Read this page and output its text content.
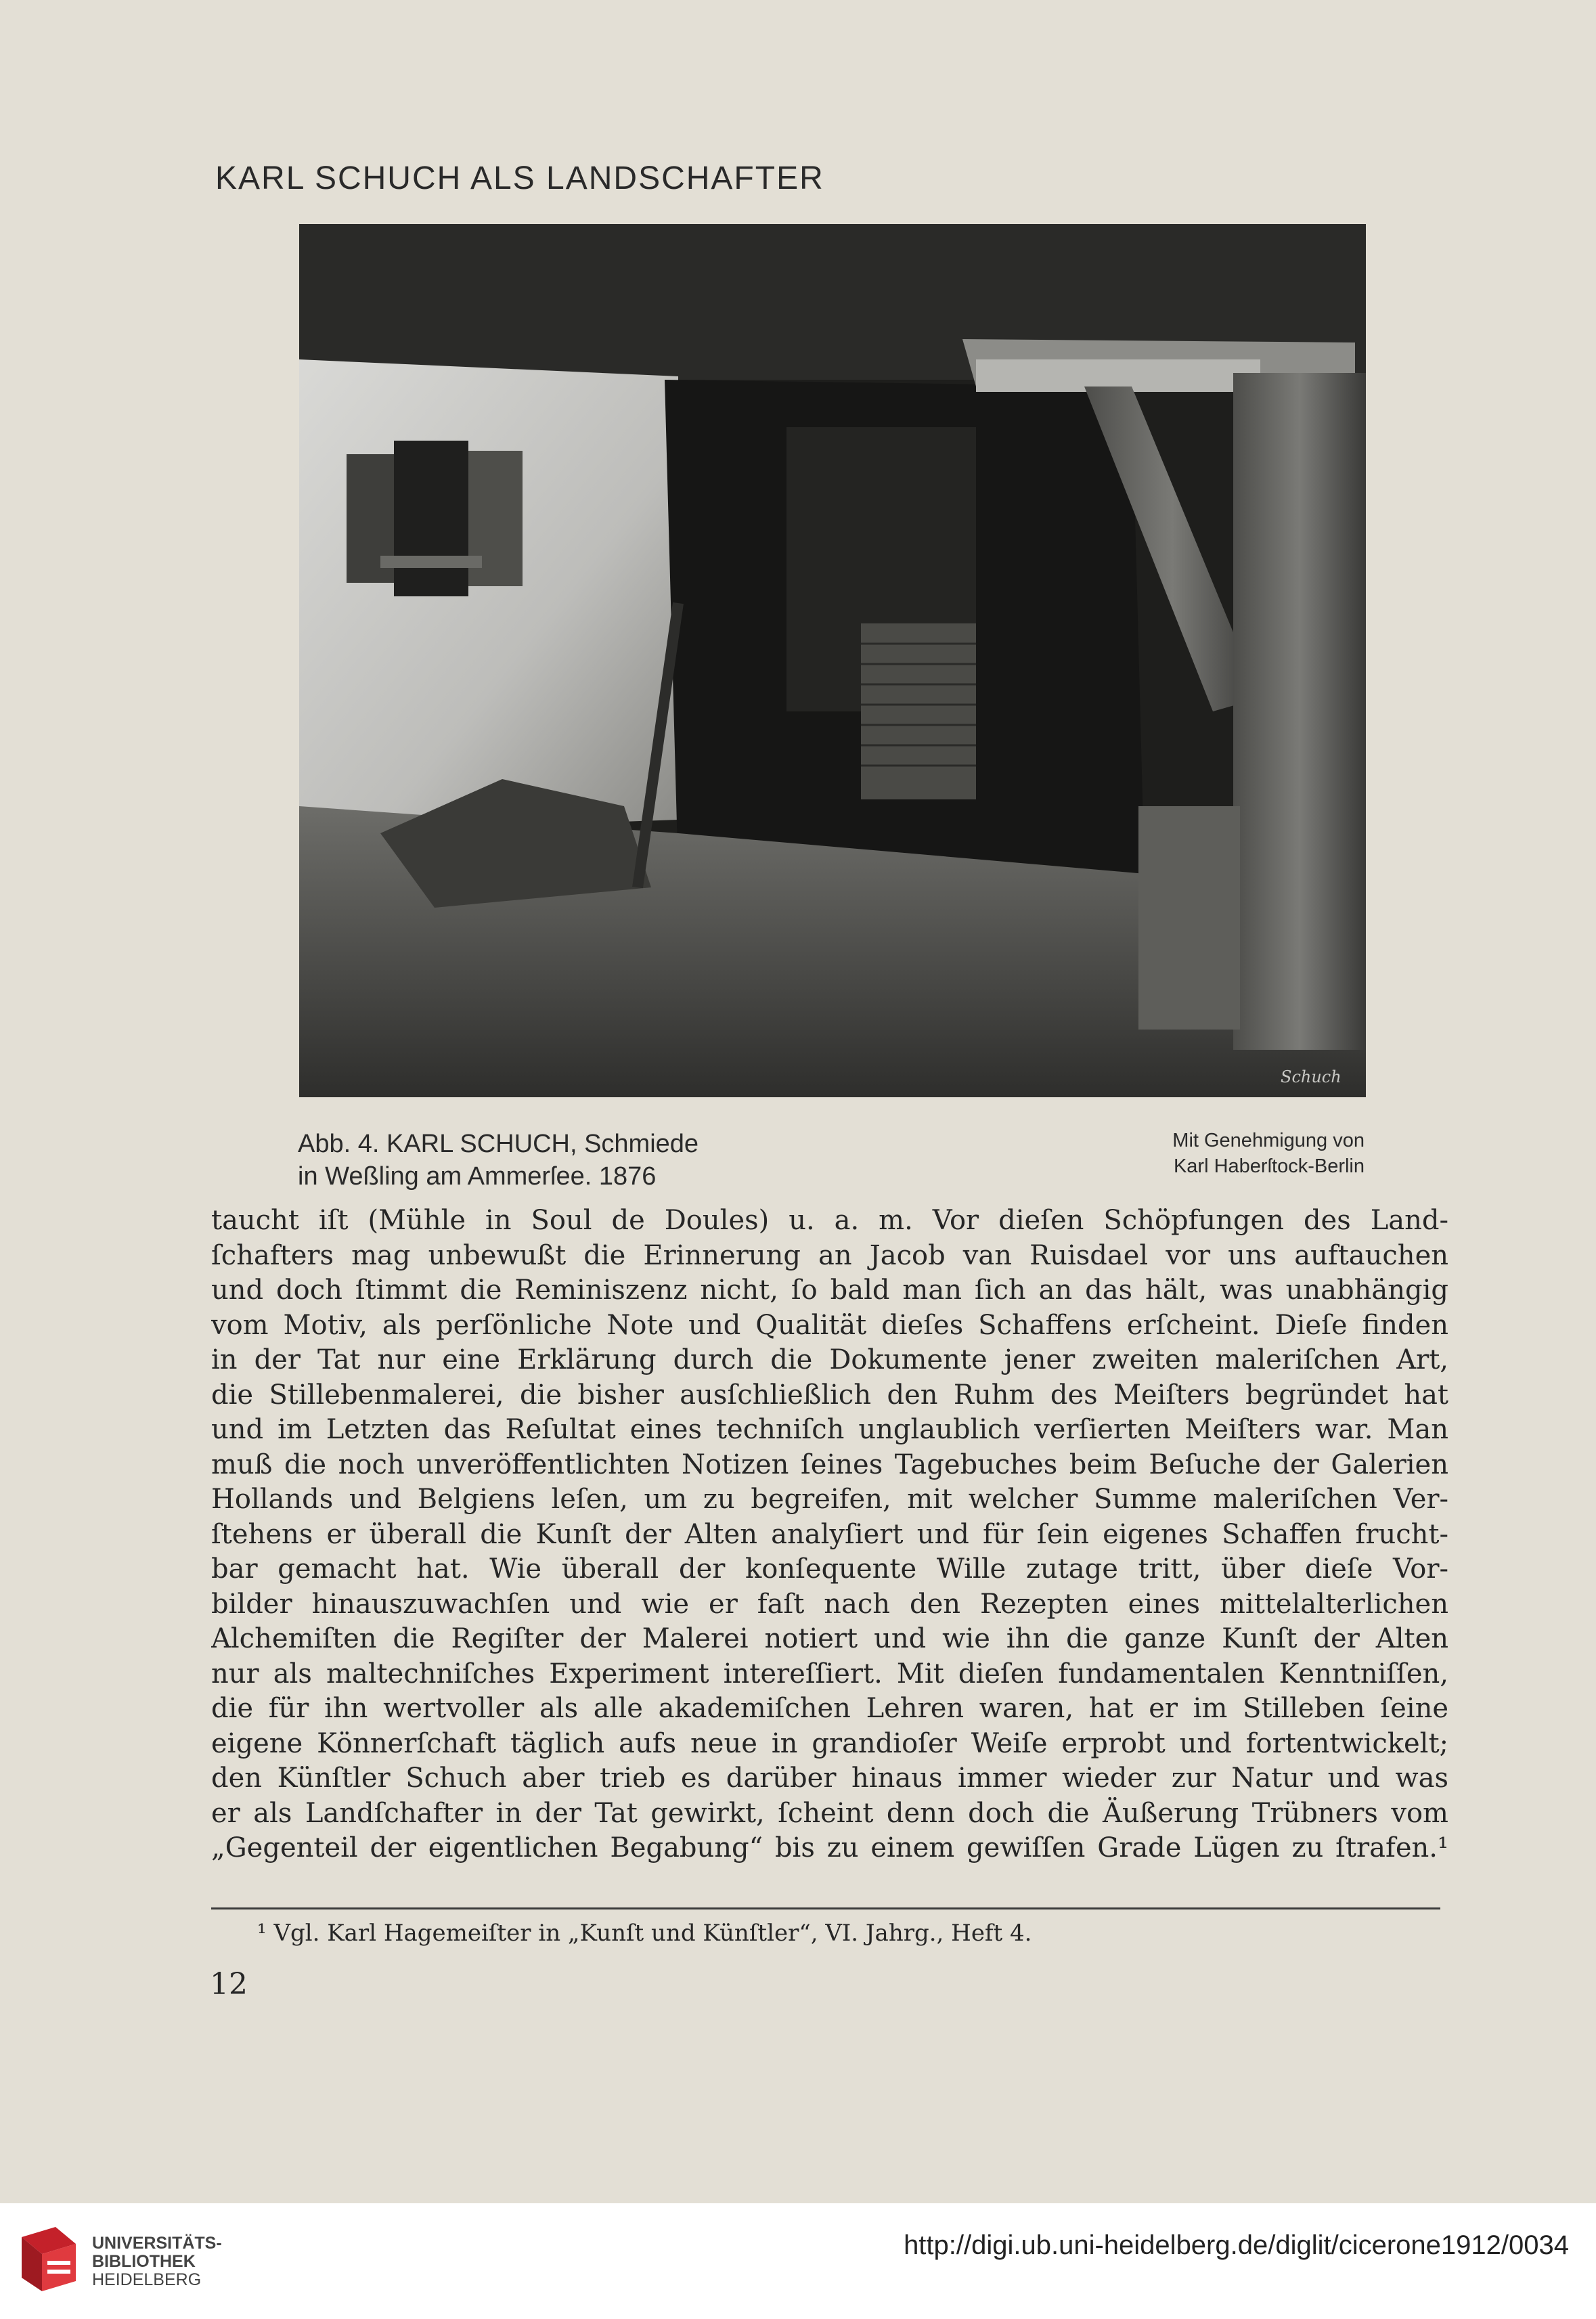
KARL SCHUCH ALS LANDSCHAFTER
Schuch
Abb. 4. KARL SCHUCH, Schmiede
in Weßling am Ammerſee. 1876
Mit Genehmigung von
Karl Haberſtock-Berlin
taucht iſt (Mühle in Soul de Doules) u. a. m. Vor dieſen Schöpfungen des Land-
ſchafters mag unbewußt die Erinnerung an Jacob van Ruisdael vor uns auftauchen
und doch ſtimmt die Reminiszenz nicht, ſo bald man ſich an das hält, was unabhängig
vom Motiv, als perſönliche Note und Qualität dieſes Schaffens erſcheint. Dieſe finden
in der Tat nur eine Erklärung durch die Dokumente jener zweiten maleriſchen Art,
die Stillebenmalerei, die bisher ausſchließlich den Ruhm des Meiſters begründet hat
und im Letzten das Reſultat eines techniſch unglaublich verſierten Meiſters war. Man
muß die noch unveröffentlichten Notizen ſeines Tagebuches beim Beſuche der Galerien
Hollands und Belgiens leſen, um zu begreifen, mit welcher Summe maleriſchen Ver-
ſtehens er überall die Kunſt der Alten analyſiert und für ſein eigenes Schaffen frucht-
bar gemacht hat. Wie überall der konſequente Wille zutage tritt, über dieſe Vor-
bilder hinauszuwachſen und wie er faſt nach den Rezepten eines mittelalterlichen
Alchemiſten die Regiſter der Malerei notiert und wie ihn die ganze Kunſt der Alten
nur als maltechniſches Experiment intereſſiert. Mit dieſen fundamentalen Kenntniſſen,
die für ihn wertvoller als alle akademiſchen Lehren waren, hat er im Stilleben ſeine
eigene Könnerſchaft täglich aufs neue in grandioſer Weiſe erprobt und fortentwickelt;
den Künſtler Schuch aber trieb es darüber hinaus immer wieder zur Natur und was
er als Landſchafter in der Tat gewirkt, ſcheint denn doch die Äußerung Trübners vom
„Gegenteil der eigentlichen Begabung“ bis zu einem gewiſſen Grade Lügen zu ſtrafen.¹
¹ Vgl. Karl Hagemeiſter in „Kunſt und Künſtler“, VI. Jahrg., Heft 4.
12
UNIVERSITÄTS-
BIBLIOTHEK
HEIDELBERG
http://digi.ub.uni-heidelberg.de/diglit/cicerone1912/0034
